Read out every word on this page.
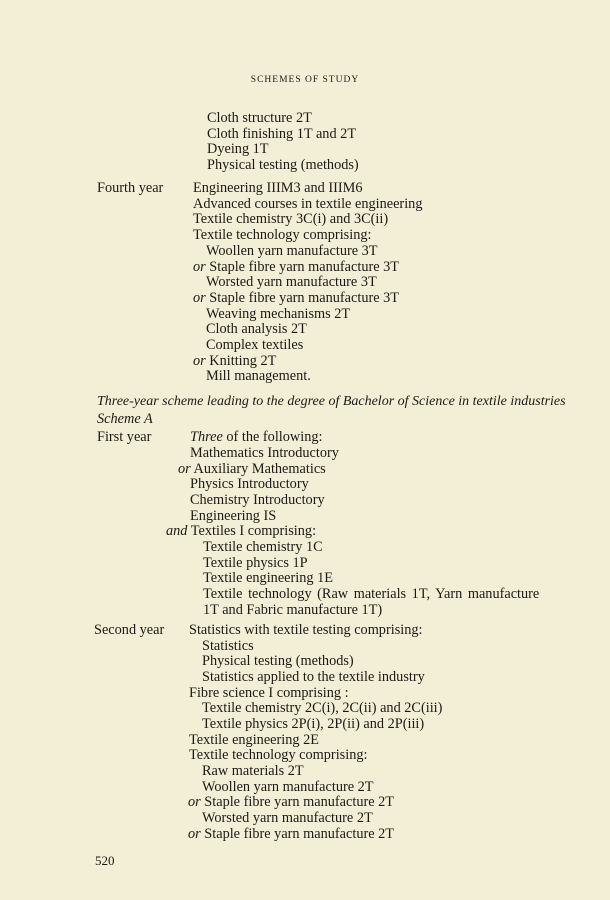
SCHEMES OF STUDY
Cloth structure 2T
Cloth finishing 1T and 2T
Dyeing 1T
Physical testing (methods)
Fourth year Engineering IIIM3 and IIIM6
Advanced courses in textile engineering
Textile chemistry 3C(i) and 3C(ii)
Textile technology comprising:
Woollen yarn manufacture 3T
or Staple fibre yarn manufacture 3T
Worsted yarn manufacture 3T
or Staple fibre yarn manufacture 3T
Weaving mechanisms 2T
Cloth analysis 2T
Complex textiles
or Knitting 2T
Mill management.
Three-year scheme leading to the degree of Bachelor of Science in textile industries
Scheme A
First year	Three of the following:
Mathematics Introductory
or Auxiliary Mathematics
Physics Introductory
Chemistry Introductory
Engineering IS
and Textiles I comprising:
Textile chemistry 1C
Textile physics 1P
Textile engineering 1E
Textile technology (Raw materials 1T, Yarn manufacture
1T and Fabric manufacture 1T)
Second year Statistics with textile testing comprising:
Statistics
Physical testing (methods)
Statistics applied to the textile industry
Fibre science I comprising :
Textile chemistry 2C(i), 2C(ii) and 2C(iii)
Textile physics 2P(i), 2P(ii) and 2P(iii)
Textile engineering 2E
Textile technology comprising:
Raw materials 2T
Woollen yarn manufacture 2T
or Staple fibre yarn manufacture 2T
Worsted yarn manufacture 2T
or Staple fibre yarn manufacture 2T
520
